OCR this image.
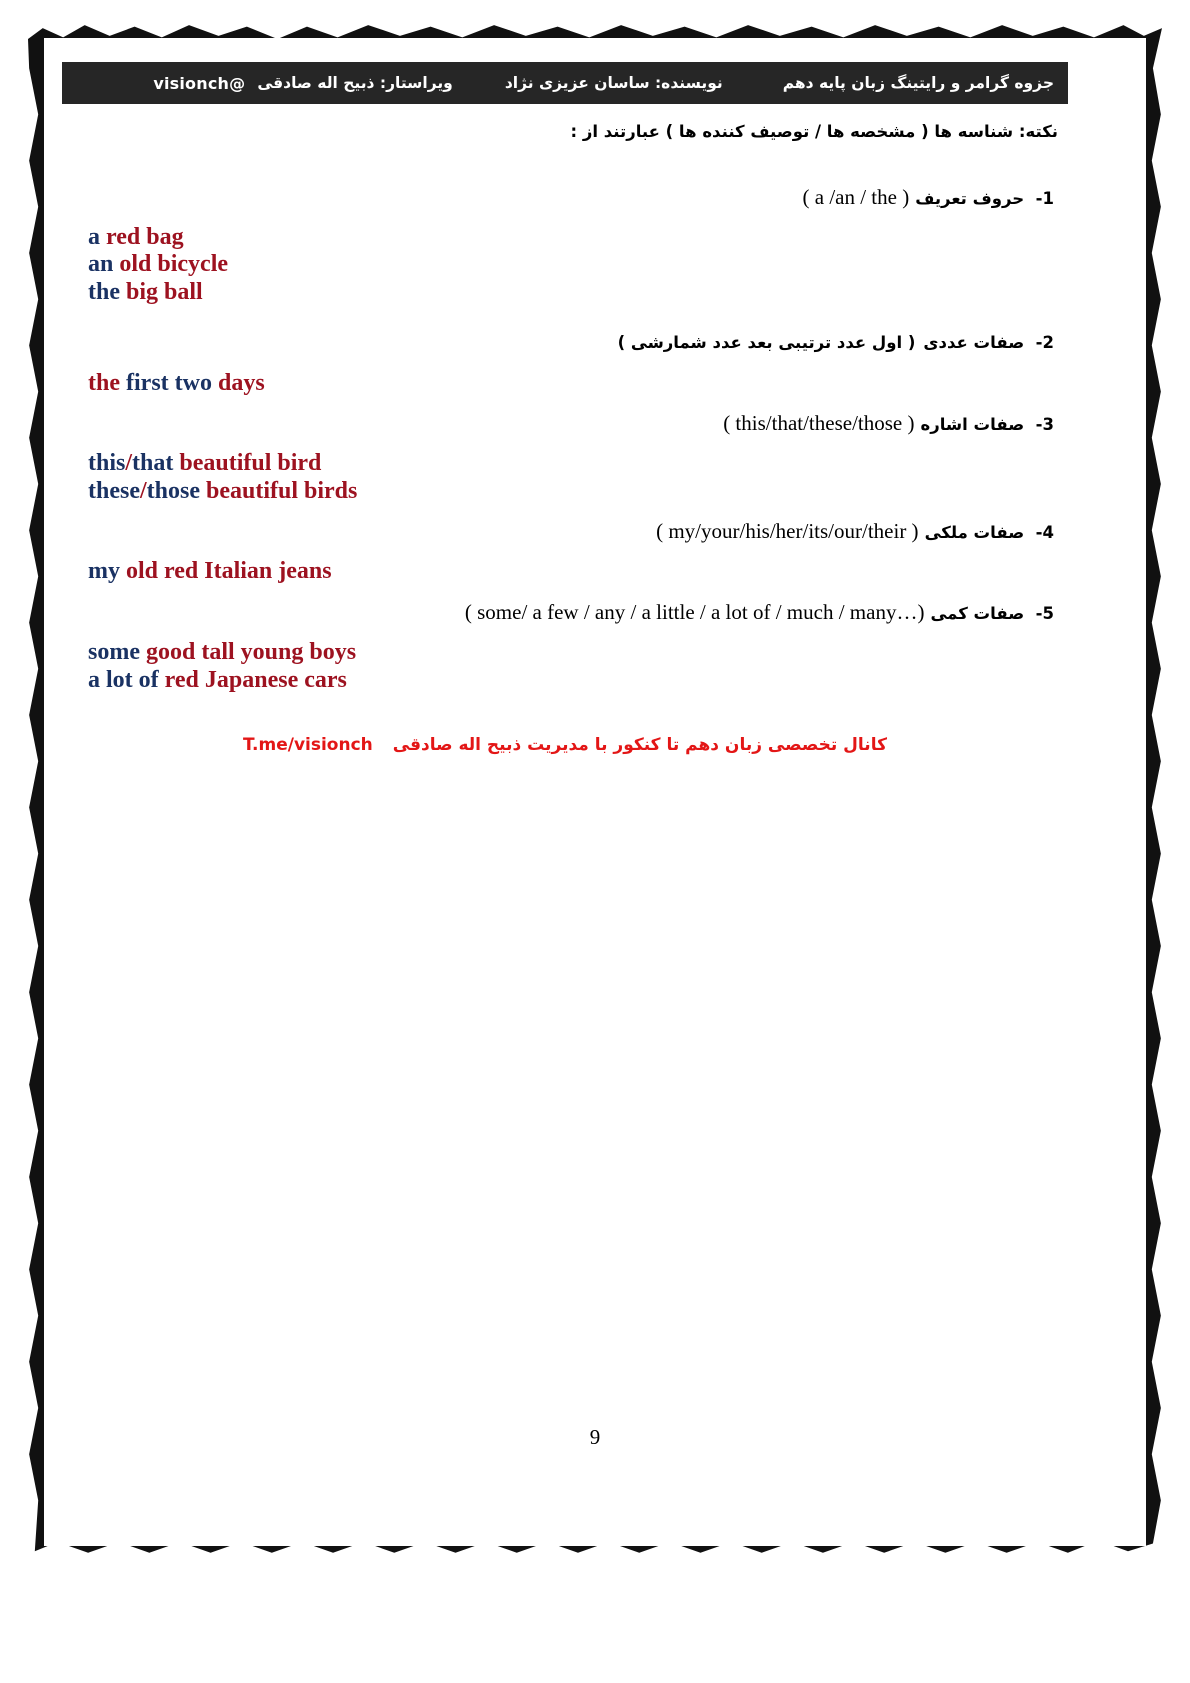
جزوه گرامر و رایتینگ زبان پایه دهم
نویسنده: ساسان عزیزی نژاد
ویراستار: ذبیح اله صادقی
@visionch
نکته: شناسه ها ( مشخصه ها / توصیف کننده ها ) عبارتند از :
1-  حروف تعریف( a /an / the )
a red bag
an old bicycle
the big ball
2-  صفات عددی( اول عدد ترتیبی بعد عدد شمارشی )
the first two days
3-  صفات اشاره( this/that/these/those )
this/that beautiful bird
these/those beautiful birds
4-  صفات ملکی( my/your/his/her/its/our/their )
my old red Italian jeans
5-  صفات کمی( some/ a few / any / a little / a lot of / much / many…)
some good tall young boys
a lot of red Japanese cars
کانال تخصصی زبان دهم تا کنکور با مدیریت ذبیح اله صادقی T.me/visionch
9
